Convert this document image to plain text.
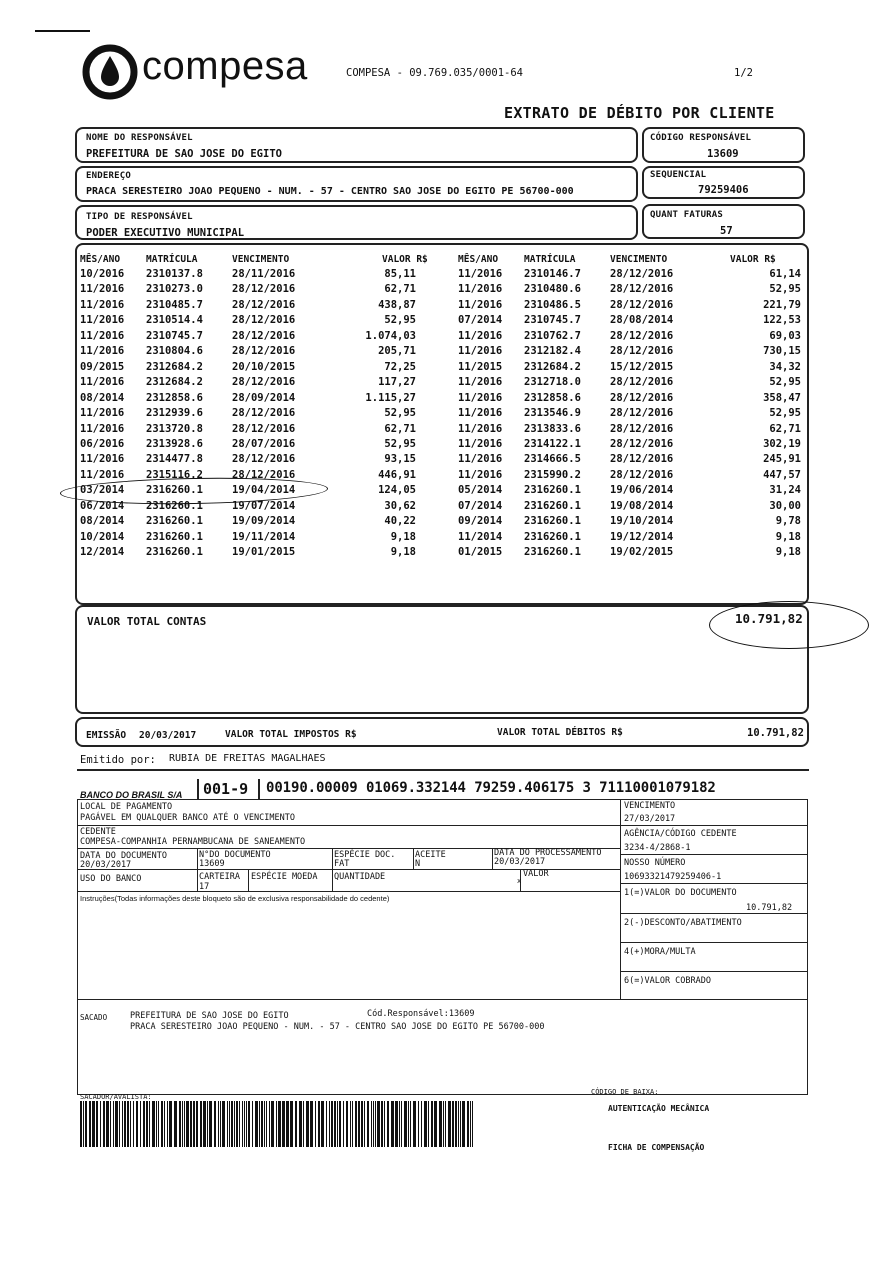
compesa	COMPESA - 09.769.035/0001-64	1/2
EXTRATO DE DÉBITO POR CLIENTE
NOME DO RESPONSÁVEL
PREFEITURA DE SAO JOSE DO EGITO
CÓDIGO RESPONSÁVEL
13609
ENDEREÇO
PRACA SERESTEIRO JOAO PEQUENO - NUM. - 57 - CENTRO SAO JOSE DO EGITO PE 56700-000
SEQUENCIAL
79259406
TIPO DE RESPONSÁVEL
PODER EXECUTIVO MUNICIPAL
QUANT FATURAS
57
MÊS/ANO	MATRÍCULA	VENCIMENTO	VALOR R$	MÊS/ANO	MATRÍCULA	VENCIMENTO	VALOR R$
10/2016 2310137.8	28/11/2016	85,11	11/2016 2310146.7	28/12/2016	61,14
11/2016 2310273.0	28/12/2016	62,71	11/2016 2310480.6	28/12/2016	52,95
11/2016 2310485.7	28/12/2016	438,87	11/2016 2310486.5	28/12/2016	221,79
11/2016 2310514.4	28/12/2016	52,95	07/2014 2310745.7	28/08/2014	122,53
11/2016 2310745.7	28/12/2016	1.074,03	11/2016 2310762.7	28/12/2016	69,03
11/2016 2310804.6	28/12/2016	205,71	11/2016 2312182.4	28/12/2016	730,15
09/2015 2312684.2	20/10/2015	72,25	11/2015 2312684.2	15/12/2015	34,32
11/2016 2312684.2	28/12/2016	117,27	11/2016 2312718.0	28/12/2016	52,95
08/2014 2312858.6	28/09/2014	1.115,27	11/2016 2312858.6	28/12/2016	358,47
11/2016 2312939.6	28/12/2016	52,95	11/2016 2313546.9	28/12/2016	52,95
11/2016 2313720.8	28/12/2016	62,71	11/2016 2313833.6	28/12/2016	62,71
06/2016 2313928.6	28/07/2016	52,95	11/2016 2314122.1	28/12/2016	302,19
11/2016 2314477.8	28/12/2016	93,15	11/2016 2314666.5	28/12/2016	245,91
11/2016 2315116.2	28/12/2016	446,91	11/2016 2315990.2	28/12/2016	447,57
03/2014 2316260.1	19/04/2014	124,05	05/2014 2316260.1	19/06/2014	31,24
06/2014 2316260.1	19/07/2014	30,62	07/2014 2316260.1	19/08/2014	30,00
08/2014 2316260.1	19/09/2014	40,22	09/2014 2316260.1	19/10/2014	9,78
10/2014 2316260.1	19/11/2014	9,18	11/2014 2316260.1	19/12/2014	9,18
12/2014 2316260.1	19/01/2015	9,18	01/2015 2316260.1	19/02/2015	9,18
VALOR TOTAL CONTAS	10.791,82
EMISSÃO 20/03/2017	VALOR TOTAL IMPOSTOS R$	VALOR TOTAL DÉBITOS R$	10.791,82
Emitido por: RUBIA DE FREITAS MAGALHAES
BANCO DO BRASIL S/A 001-9 00190.00009 01069.332144 79259.406175 3 71110001079182
LOCAL DE PAGAMENTO
PAGÁVEL EM QUALQUER BANCO ATÉ O VENCIMENTO
CEDENTE
COMPESA-COMPANHIA PERNAMBUCANA DE SANEAMENTO
DATA DO DOCUMENTO
20/03/2017
N°DO DOCUMENTO
13609
ESPÉCIE DOC.
FAT
ACEITE
N
DATA DO PROCESSAMENTO
20/03/2017
USO DO BANCO	CARTEIRA
17
ESPÉCIE MOEDA QUANTIDADE	x
VALOR
Instruções(Todas informações deste bloqueto são de exclusiva responsabilidade do cedente)
VENCIMENTO
27/03/2017
AGÊNCIA/CÓDIGO CEDENTE
3234-4/2868-1
NOSSO NÚMERO
10693321479259406-1
1(=)VALOR DO DOCUMENTO
10.791,82
2(-)DESCONTO/ABATIMENTO
4(+)MORA/MULTA
6(=)VALOR COBRADO
SACADO	PREFEITURA DE SAO JOSE DO EGITO	Cód.Responsável:13609
PRACA SERESTEIRO JOAO PEQUENO - NUM. - 57 - CENTRO SAO JOSE DO EGITO PE 56700-000
SACADOR/AVALISTA:
CÓDIGO DE BAIXA:
AUTENTICAÇÃO MECÂNICA
FICHA DE COMPENSAÇÃO
